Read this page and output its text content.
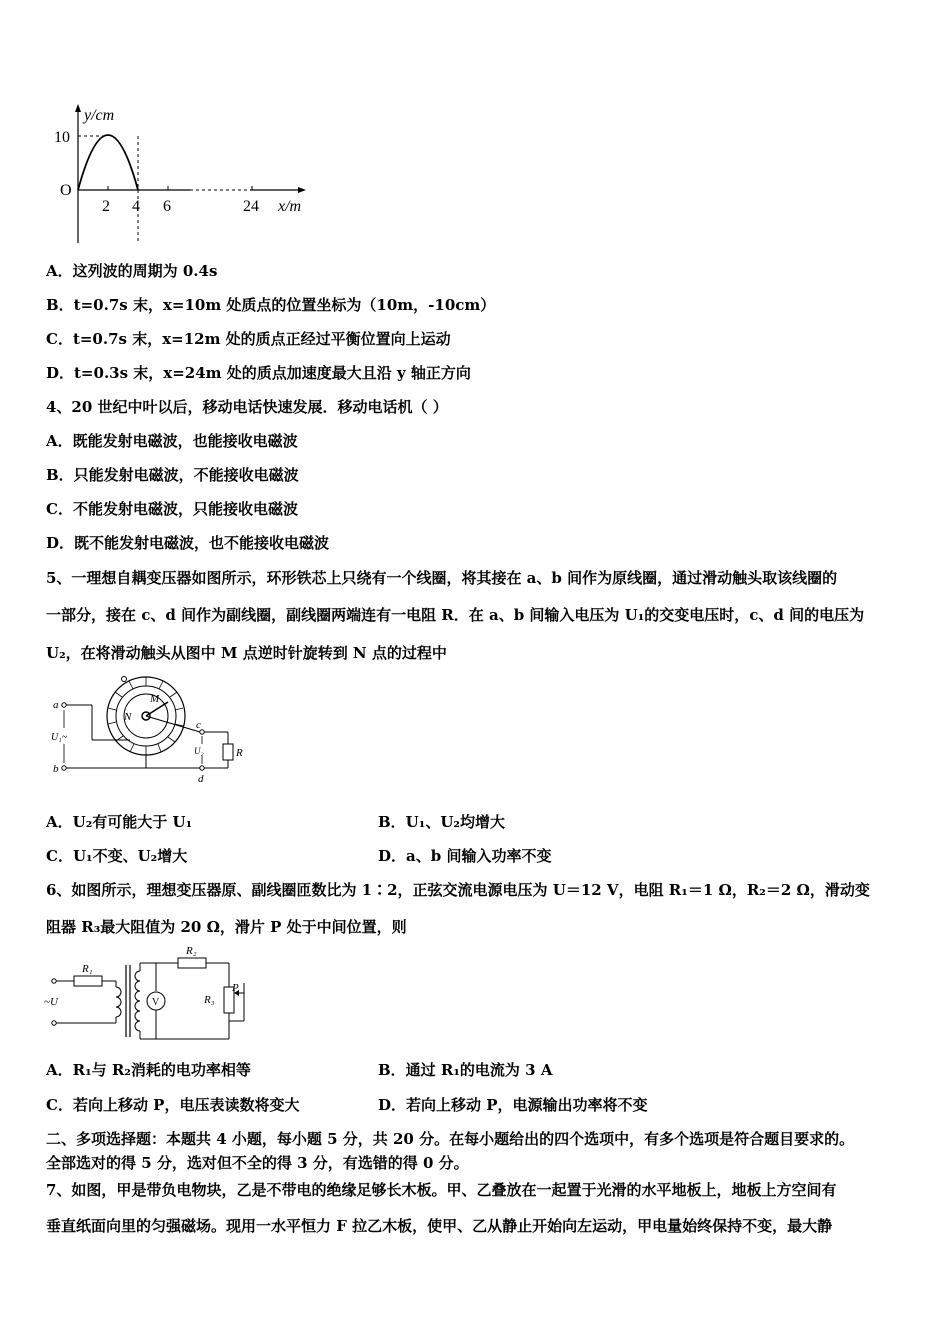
y/cm
10
O
2 4 6	24 x/m
A．这列波的周期为 0.4s
B．t=0.7s 末，x=10m 处质点的位置坐标为（10m，-10cm）
C．t=0.7s 末，x=12m 处的质点正经过平衡位置向上运动
D．t=0.3s 末，x=24m 处的质点加速度最大且沿 y 轴正方向
4、20 世纪中叶以后，移动电话快速发展．移动电话机（ ）
A．既能发射电磁波，也能接收电磁波
B．只能发射电磁波，不能接收电磁波
C．不能发射电磁波，只能接收电磁波
D．既不能发射电磁波，也不能接收电磁波
5、一理想自耦变压器如图所示，环形铁芯上只绕有一个线圈，将其接在 a、b 间作为原线圈，通过滑动触头取该线圈的
一部分，接在 c、d 间作为副线圈，副线圈两端连有一电阻 R．在 a、b 间输入电压为 U₁的交变电压时，c、d 间的电压为
U₂，在将滑动触头从图中 M 点逆时针旋转到 N 点的过程中
a
b
U₁~
N
M
c
U₂
d
R
A．U₂有可能大于 U₁	B．U₁、U₂均增大
C．U₁不变、U₂增大	D．a、b 间输入功率不变
6、如图所示，理想变压器原、副线圈匝数比为 1∶2，正弦交流电源电压为 U＝12 V，电阻 R₁＝1 Ω，R₂＝2 Ω，滑动变
阻器 R₃最大阻值为 20 Ω，滑片 P 处于中间位置，则
V
R₁
R₂
R₃
P
~U
A．R₁与 R₂消耗的电功率相等	B．通过 R₁的电流为 3 A
C．若向上移动 P，电压表读数将变大	D．若向上移动 P，电源输出功率将不变
二、多项选择题：本题共 4 小题，每小题 5 分，共 20 分。在每小题给出的四个选项中，有多个选项是符合题目要求的。
全部选对的得 5 分，选对但不全的得 3 分，有选错的得 0 分。
7、如图，甲是带负电物块，乙是不带电的绝缘足够长木板。甲、乙叠放在一起置于光滑的水平地板上，地板上方空间有
垂直纸面向里的匀强磁场。现用一水平恒力 F 拉乙木板，使甲、乙从静止开始向左运动，甲电量始终保持不变，最大静
